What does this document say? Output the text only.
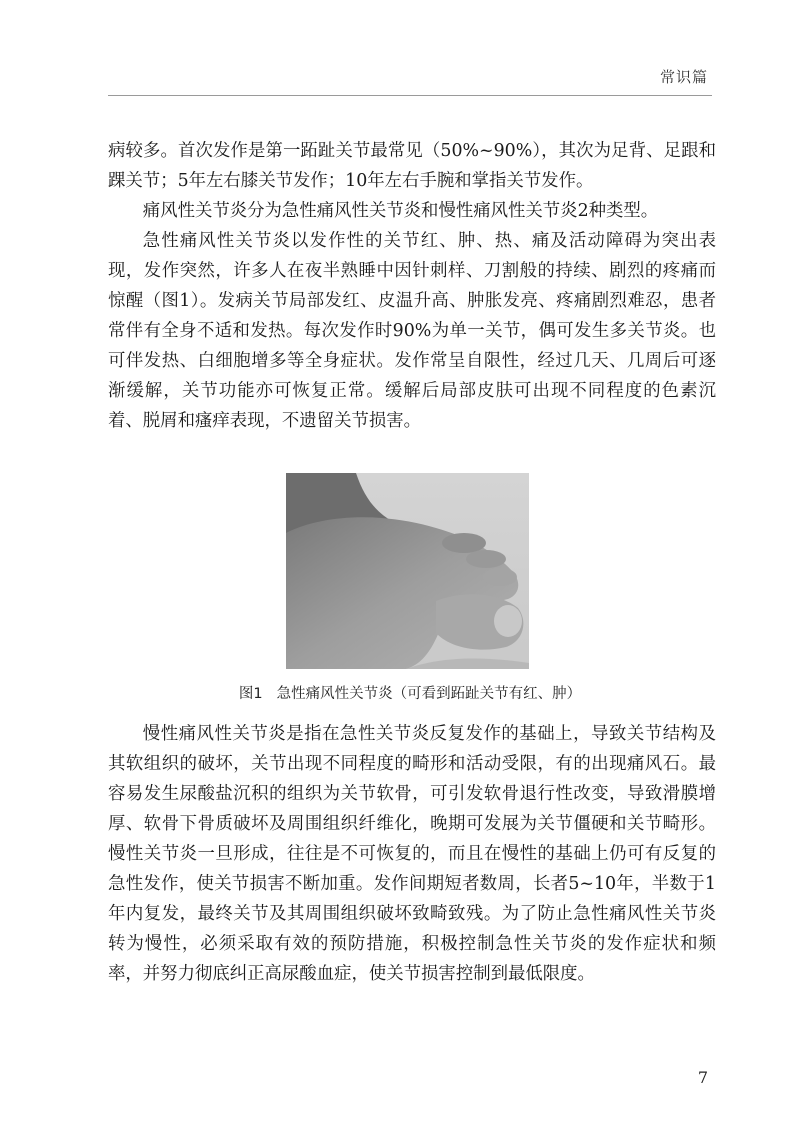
常识篇

病较多。首次发作是第一跖趾关节最常见（50%~90%），其次为足背、足跟和踝关节；5年左右膝关节发作；10年左右手腕和掌指关节发作。

痛风性关节炎分为急性痛风性关节炎和慢性痛风性关节炎2种类型。

急性痛风性关节炎以发作性的关节红、肿、热、痛及活动障碍为突出表现，发作突然，许多人在夜半熟睡中因针刺样、刀割般的持续、剧烈的疼痛而惊醒（图1）。发病关节局部发红、皮温升高、肿胀发亮、疼痛剧烈难忍，患者常伴有全身不适和发热。每次发作时90%为单一关节，偶可发生多关节炎。也可伴发热、白细胞增多等全身症状。发作常呈自限性，经过几天、几周后可逐渐缓解，关节功能亦可恢复正常。缓解后局部皮肤可出现不同程度的色素沉着、脱屑和瘙痒表现，不遗留关节损害。

图1 急性痛风性关节炎（可看到跖趾关节有红、肿）

慢性痛风性关节炎是指在急性关节炎反复发作的基础上，导致关节结构及其软组织的破坏，关节出现不同程度的畸形和活动受限，有的出现痛风石。最容易发生尿酸盐沉积的组织为关节软骨，可引发软骨退行性改变，导致滑膜增厚、软骨下骨质破坏及周围组织纤维化，晚期可发展为关节僵硬和关节畸形。慢性关节炎一旦形成，往往是不可恢复的，而且在慢性的基础上仍可有反复的急性发作，使关节损害不断加重。发作间期短者数周，长者5~10年，半数于1年内复发，最终关节及其周围组织破坏致畸致残。为了防止急性痛风性关节炎转为慢性，必须采取有效的预防措施，积极控制急性关节炎的发作症状和频率，并努力彻底纠正高尿酸血症，使关节损害控制到最低限度。

7
